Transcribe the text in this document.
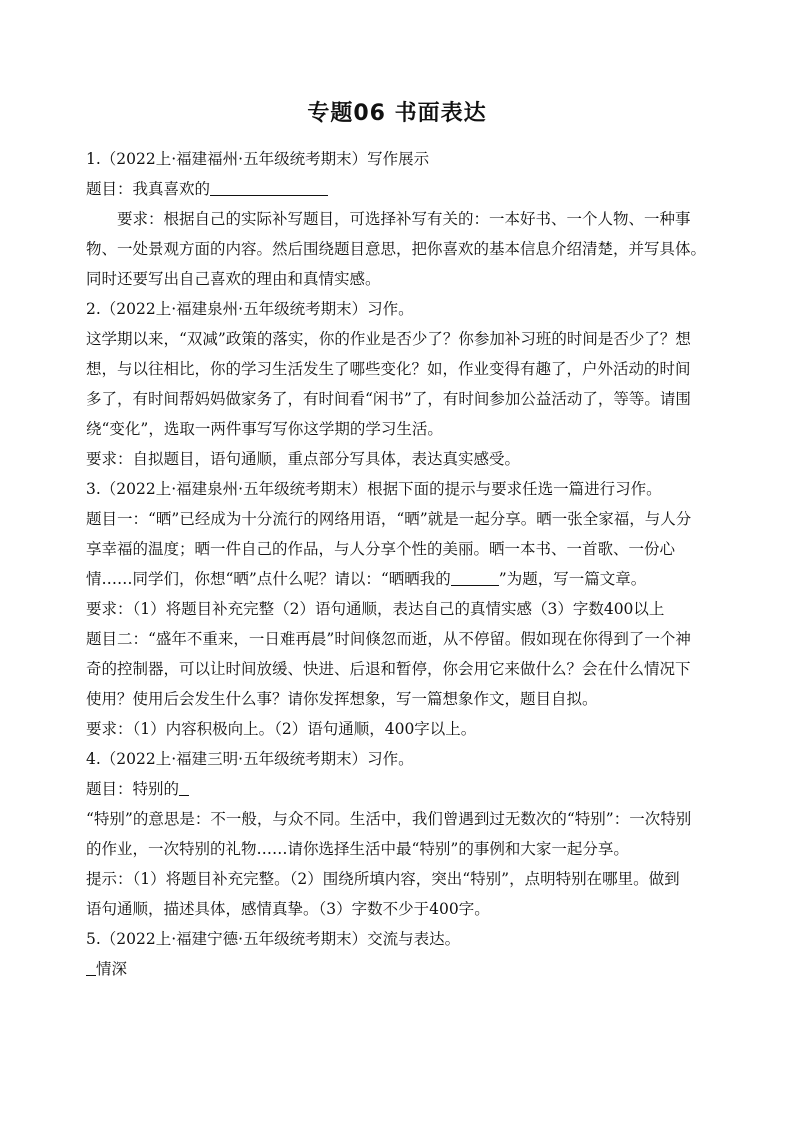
专题06 书面表达
1.（2022上·福建福州·五年级统考期末）写作展示
题目：我真喜欢的
要求：根据自己的实际补写题目，可选择补写有关的：一本好书、一个人物、一种事
物、一处景观方面的内容。然后围绕题目意思，把你喜欢的基本信息介绍清楚，并写具体。
同时还要写出自己喜欢的理由和真情实感。
2.（2022上·福建泉州·五年级统考期末）习作。
这学期以来，“双减”政策的落实，你的作业是否少了？你参加补习班的时间是否少了？想
想，与以往相比，你的学习生活发生了哪些变化？如，作业变得有趣了，户外活动的时间
多了，有时间帮妈妈做家务了，有时间看“闲书”了，有时间参加公益活动了，等等。请围
绕“变化”，选取一两件事写写你这学期的学习生活。
要求：自拟题目，语句通顺，重点部分写具体，表达真实感受。
3.（2022上·福建泉州·五年级统考期末）根据下面的提示与要求任选一篇进行习作。
题目一：“晒”已经成为十分流行的网络用语，“晒”就是一起分享。晒一张全家福，与人分
享幸福的温度；晒一件自己的作品，与人分享个性的美丽。晒一本书、一首歌、一份心
情……同学们，你想“晒”点什么呢？请以：“晒晒我的	”为题，写一篇文章。
要求：（1）将题目补充完整（2）语句通顺，表达自己的真情实感（3）字数400以上
题目二：“盛年不重来，一日难再晨”时间倏忽而逝，从不停留。假如现在你得到了一个神
奇的控制器，可以让时间放缓、快进、后退和暂停，你会用它来做什么？会在什么情况下
使用？使用后会发生什么事？请你发挥想象，写一篇想象作文，题目自拟。
要求：（1）内容积极向上。（2）语句通顺，400字以上。
4.（2022上·福建三明·五年级统考期末）习作。
题目：特别的
“特别”的意思是：不一般，与众不同。生活中，我们曾遇到过无数次的“特别”：一次特别
的作业，一次特别的礼物……请你选择生活中最“特别”的事例和大家一起分享。
提示：（1）将题目补充完整。（2）围绕所填内容，突出“特别”，点明特别在哪里。做到
语句通顺，描述具体，感情真挚。（3）字数不少于400字。
5.（2022上·福建宁德·五年级统考期末）交流与表达。
情深
